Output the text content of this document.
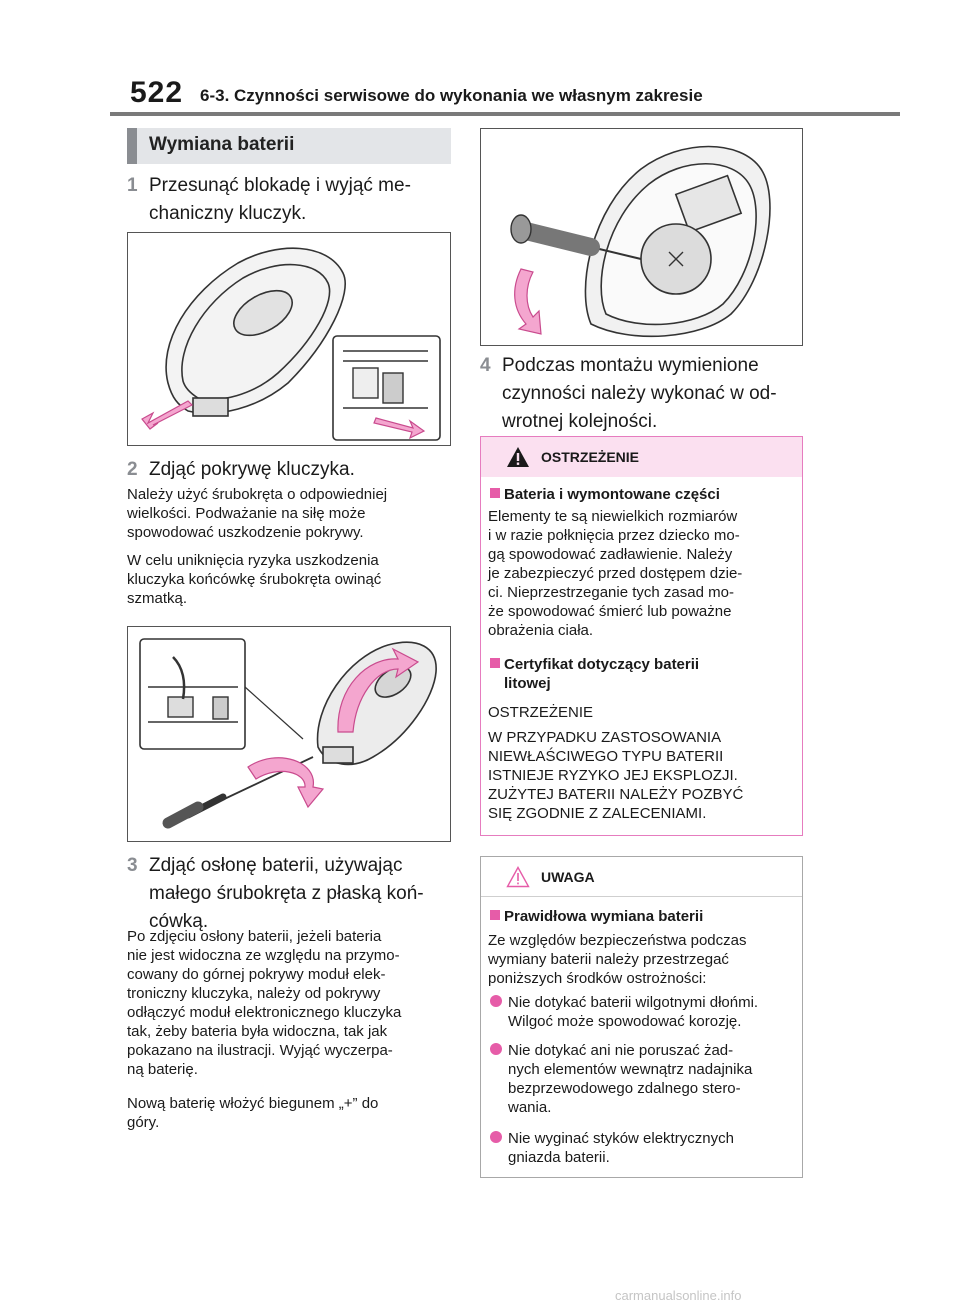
522 6-3. Czynności serwisowe do wykonania we własnym zakresie
Wymiana baterii
1 Przesunąć blokadę i wyjąć me-
chaniczny kluczyk.
2 Zdjąć pokrywę kluczyka.
Należy użyć śrubokręta o odpowiedniej
wielkości. Podważanie na siłę może
spowodować uszkodzenie pokrywy.
W celu uniknięcia ryzyka uszkodzenia
kluczyka końcówkę śrubokręta owinąć
szmatką.
3 Zdjąć osłonę baterii, używając
małego śrubokręta z płaską koń-
cówką.
Po zdjęciu osłony baterii, jeżeli bateria
nie jest widoczna ze względu na przymo-
cowany do górnej pokrywy moduł elek-
troniczny kluczyka, należy od pokrywy
odłączyć moduł elektronicznego kluczyka
tak, żeby bateria była widoczna, tak jak
pokazano na ilustracji. Wyjąć wyczerpa-
ną baterię.
Nową baterię włożyć biegunem „+” do
góry.
4 Podczas montażu wymienione
czynności należy wykonać w od-
wrotnej kolejności.
OSTRZEŻENIE
Bateria i wymontowane części
Elementy te są niewielkich rozmiarów
i w razie połknięcia przez dziecko mo-
gą spowodować zadławienie. Należy
je zabezpieczyć przed dostępem dzie-
ci. Nieprzestrzeganie tych zasad mo-
że spowodować śmierć lub poważne
obrażenia ciała.
Certyfikat dotyczący baterii
litowej
OSTRZEŻENIE
W PRZYPADKU ZASTOSOWANIA
NIEWŁAŚCIWEGO TYPU BATERII
ISTNIEJE RYZYKO JEJ EKSPLOZJI.
ZUŻYTEJ BATERII NALEŻY POZBYĆ
SIĘ ZGODNIE Z ZALECENIAMI.
UWAGA
Prawidłowa wymiana baterii
Ze względów bezpieczeństwa podczas
wymiany baterii należy przestrzegać
poniższych środków ostrożności:
Nie dotykać baterii wilgotnymi dłońmi.
Wilgoć może spowodować korozję.
Nie dotykać ani nie poruszać żad-
nych elementów wewnątrz nadajnika
bezprzewodowego zdalnego stero-
wania.
Nie wyginać styków elektrycznych
gniazda baterii.
carmanualsonline.info
